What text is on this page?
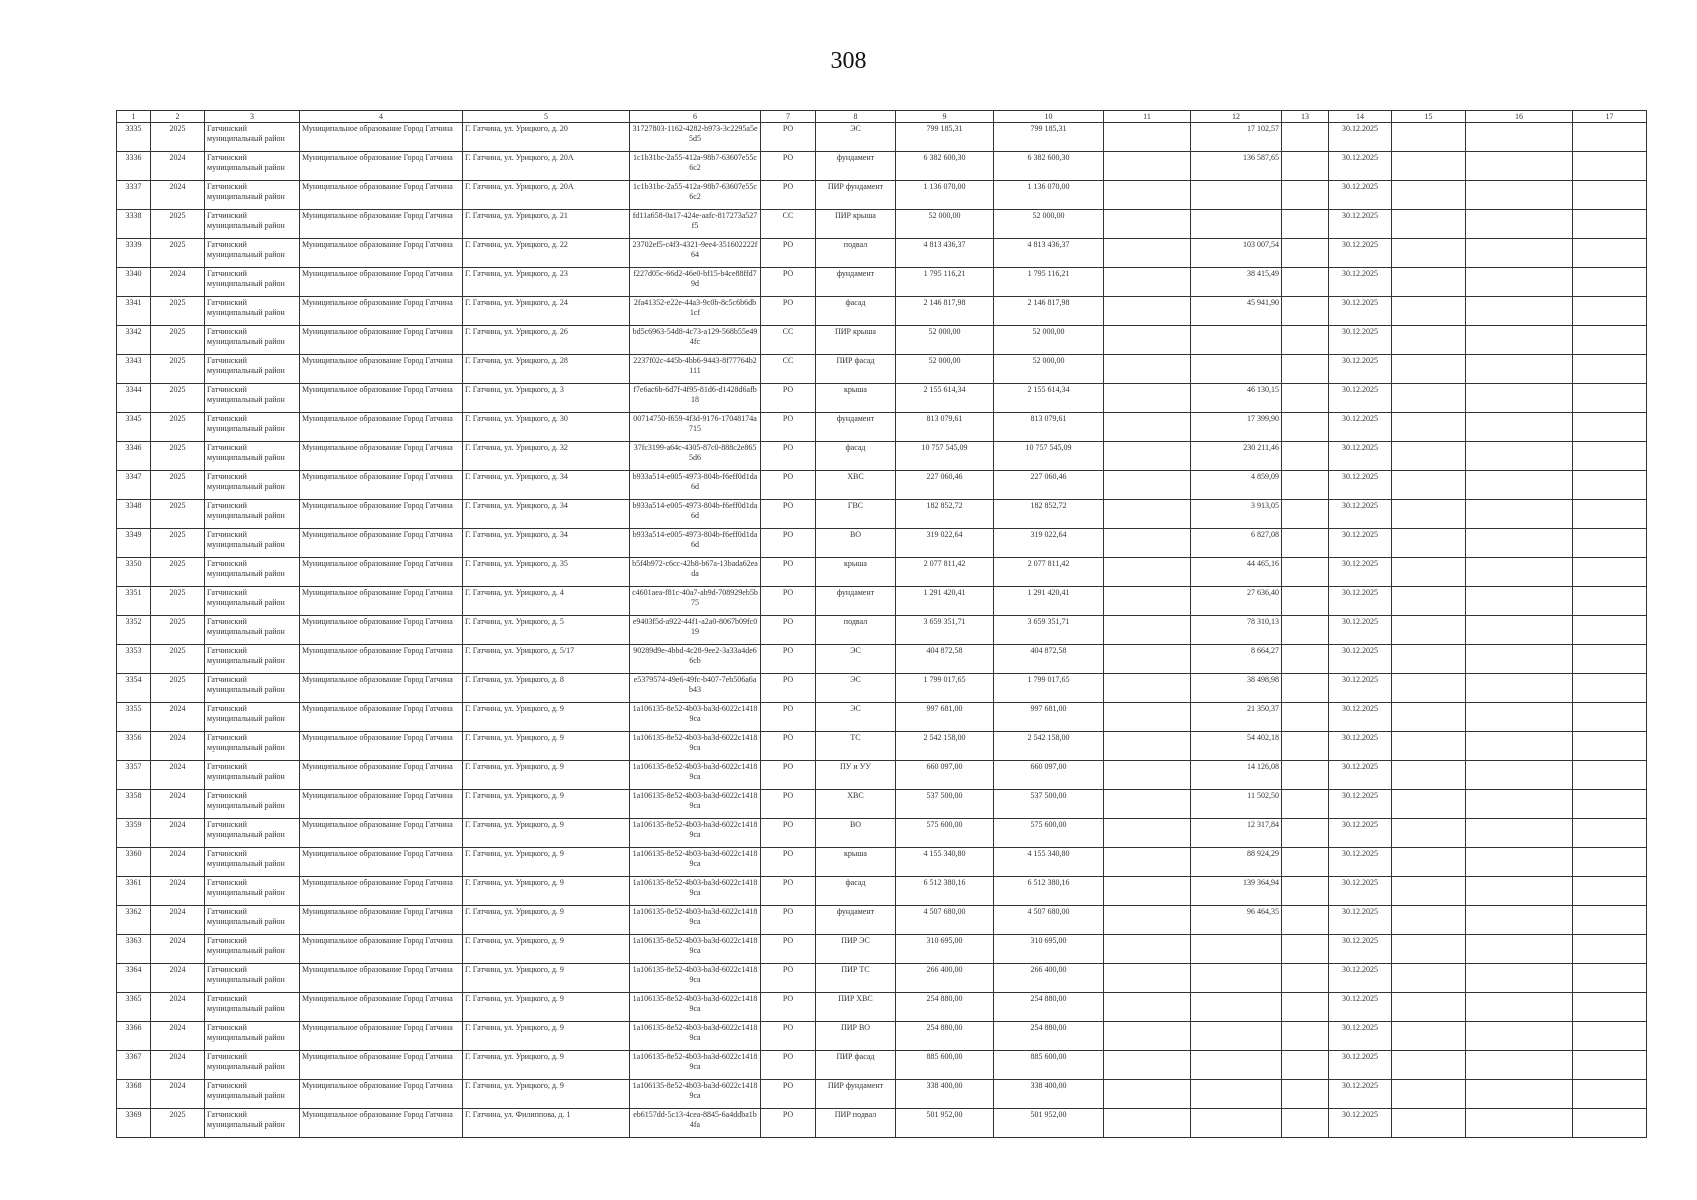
308
1	2	3	4	5	6	7	8	9	10	11	12	13	14	15	16	17
3335	2025	Гатчинский муниципальный район	Муниципальное образование Город Гатчина	Г. Гатчина, ул. Урицкого, д. 20	31727803-1162-4282-b973-3c2295a5e5d5	РО	ЭС	799 185,31	799 185,31		17 102,57		30.12.2025			
3336	2024	Гатчинский муниципальный район	Муниципальное образование Город Гатчина	Г. Гатчина, ул. Урицкого, д. 20А	1c1b31bc-2a55-412a-98b7-63607e55c6c2	РО	фундамент	6 382 600,30	6 382 600,30		136 587,65		30.12.2025			
3337	2024	Гатчинский муниципальный район	Муниципальное образование Город Гатчина	Г. Гатчина, ул. Урицкого, д. 20А	1c1b31bc-2a55-412a-98b7-63607e55c6c2	РО	ПИР фундамент	1 136 070,00	1 136 070,00				30.12.2025			
3338	2025	Гатчинский муниципальный район	Муниципальное образование Город Гатчина	Г. Гатчина, ул. Урицкого, д. 21	fd11a658-0a17-424e-aafc-817273a527f5	СС	ПИР крыша	52 000,00	52 000,00				30.12.2025			
3339	2025	Гатчинский муниципальный район	Муниципальное образование Город Гатчина	Г. Гатчина, ул. Урицкого, д. 22	23702ef5-c4f3-4321-9ee4-351602222f64	РО	подвал	4 813 436,37	4 813 436,37		103 007,54		30.12.2025			
3340	2024	Гатчинский муниципальный район	Муниципальное образование Город Гатчина	Г. Гатчина, ул. Урицкого, д. 23	f227d05c-66d2-46e0-bf15-b4ce88ffd79d	РО	фундамент	1 795 116,21	1 795 116,21		38 415,49		30.12.2025			
3341	2025	Гатчинский муниципальный район	Муниципальное образование Город Гатчина	Г. Гатчина, ул. Урицкого, д. 24	2fa41352-e22e-44a3-9c0b-8c5c6b6db1cf	РО	фасад	2 146 817,98	2 146 817,98		45 941,90		30.12.2025			
3342	2025	Гатчинский муниципальный район	Муниципальное образование Город Гатчина	Г. Гатчина, ул. Урицкого, д. 26	bd5c6963-54d8-4c73-a129-568b55e494fc	СС	ПИР крыша	52 000,00	52 000,00				30.12.2025			
3343	2025	Гатчинский муниципальный район	Муниципальное образование Город Гатчина	Г. Гатчина, ул. Урицкого, д. 28	2237f02c-445b-4bb6-9443-8f77764b2111	СС	ПИР фасад	52 000,00	52 000,00				30.12.2025			
3344	2025	Гатчинский муниципальный район	Муниципальное образование Город Гатчина	Г. Гатчина, ул. Урицкого, д. 3	f7e6ac6b-6d7f-4f95-81d6-d1428d6afb18	РО	крыша	2 155 614,34	2 155 614,34		46 130,15		30.12.2025			
3345	2025	Гатчинский муниципальный район	Муниципальное образование Город Гатчина	Г. Гатчина, ул. Урицкого, д. 30	00714750-f659-4f3d-9176-17048174a715	РО	фундамент	813 079,61	813 079,61		17 399,90		30.12.2025			
3346	2025	Гатчинский муниципальный район	Муниципальное образование Город Гатчина	Г. Гатчина, ул. Урицкого, д. 32	37fc3199-a64c-4305-87c0-888c2e8655d6	РО	фасад	10 757 545,09	10 757 545,09		230 211,46		30.12.2025			
3347	2025	Гатчинский муниципальный район	Муниципальное образование Город Гатчина	Г. Гатчина, ул. Урицкого, д. 34	b933a514-e005-4973-804b-f6eff0d1da6d	РО	ХВС	227 060,46	227 060,46		4 859,09		30.12.2025			
3348	2025	Гатчинский муниципальный район	Муниципальное образование Город Гатчина	Г. Гатчина, ул. Урицкого, д. 34	b933a514-e005-4973-804b-f6eff0d1da6d	РО	ГВС	182 852,72	182 852,72		3 913,05		30.12.2025			
3349	2025	Гатчинский муниципальный район	Муниципальное образование Город Гатчина	Г. Гатчина, ул. Урицкого, д. 34	b933a514-e005-4973-804b-f6eff0d1da6d	РО	ВО	319 022,64	319 022,64		6 827,08		30.12.2025			
3350	2025	Гатчинский муниципальный район	Муниципальное образование Город Гатчина	Г. Гатчина, ул. Урицкого, д. 35	b5f4b972-c6cc-42b8-b67a-13bada62eada	РО	крыша	2 077 811,42	2 077 811,42		44 465,16		30.12.2025			
3351	2025	Гатчинский муниципальный район	Муниципальное образование Город Гатчина	Г. Гатчина, ул. Урицкого, д. 4	c4601aea-f81c-40a7-ab9d-708929eb5b75	РО	фундамент	1 291 420,41	1 291 420,41		27 636,40		30.12.2025			
3352	2025	Гатчинский муниципальный район	Муниципальное образование Город Гатчина	Г. Гатчина, ул. Урицкого, д. 5	e9403f5d-a922-44f1-a2a0-8067b09fc019	РО	подвал	3 659 351,71	3 659 351,71		78 310,13		30.12.2025			
3353	2025	Гатчинский муниципальный район	Муниципальное образование Город Гатчина	Г. Гатчина, ул. Урицкого, д. 5/17	90289d9e-4bbd-4c28-9ee2-3a33a4de66cb	РО	ЭС	404 872,58	404 872,58		8 664,27		30.12.2025			
3354	2025	Гатчинский муниципальный район	Муниципальное образование Город Гатчина	Г. Гатчина, ул. Урицкого, д. 8	e5379574-49e6-49fc-b407-7eb506a6ab43	РО	ЭС	1 799 017,65	1 799 017,65		38 498,98		30.12.2025			
3355	2024	Гатчинский муниципальный район	Муниципальное образование Город Гатчина	Г. Гатчина, ул. Урицкого, д. 9	1a106135-8e52-4b03-ba3d-6022c14189ca	РО	ЭС	997 681,00	997 681,00		21 350,37		30.12.2025			
3356	2024	Гатчинский муниципальный район	Муниципальное образование Город Гатчина	Г. Гатчина, ул. Урицкого, д. 9	1a106135-8e52-4b03-ba3d-6022c14189ca	РО	ТС	2 542 158,00	2 542 158,00		54 402,18		30.12.2025			
3357	2024	Гатчинский муниципальный район	Муниципальное образование Город Гатчина	Г. Гатчина, ул. Урицкого, д. 9	1a106135-8e52-4b03-ba3d-6022c14189ca	РО	ПУ и УУ	660 097,00	660 097,00		14 126,08		30.12.2025			
3358	2024	Гатчинский муниципальный район	Муниципальное образование Город Гатчина	Г. Гатчина, ул. Урицкого, д. 9	1a106135-8e52-4b03-ba3d-6022c14189ca	РО	ХВС	537 500,00	537 500,00		11 502,50		30.12.2025			
3359	2024	Гатчинский муниципальный район	Муниципальное образование Город Гатчина	Г. Гатчина, ул. Урицкого, д. 9	1a106135-8e52-4b03-ba3d-6022c14189ca	РО	ВО	575 600,00	575 600,00		12 317,84		30.12.2025			
3360	2024	Гатчинский муниципальный район	Муниципальное образование Город Гатчина	Г. Гатчина, ул. Урицкого, д. 9	1a106135-8e52-4b03-ba3d-6022c14189ca	РО	крыша	4 155 340,80	4 155 340,80		88 924,29		30.12.2025			
3361	2024	Гатчинский муниципальный район	Муниципальное образование Город Гатчина	Г. Гатчина, ул. Урицкого, д. 9	1a106135-8e52-4b03-ba3d-6022c14189ca	РО	фасад	6 512 380,16	6 512 380,16		139 364,94		30.12.2025			
3362	2024	Гатчинский муниципальный район	Муниципальное образование Город Гатчина	Г. Гатчина, ул. Урицкого, д. 9	1a106135-8e52-4b03-ba3d-6022c14189ca	РО	фундамент	4 507 680,00	4 507 680,00		96 464,35		30.12.2025			
3363	2024	Гатчинский муниципальный район	Муниципальное образование Город Гатчина	Г. Гатчина, ул. Урицкого, д. 9	1a106135-8e52-4b03-ba3d-6022c14189ca	РО	ПИР ЭС	310 695,00	310 695,00				30.12.2025			
3364	2024	Гатчинский муниципальный район	Муниципальное образование Город Гатчина	Г. Гатчина, ул. Урицкого, д. 9	1a106135-8e52-4b03-ba3d-6022c14189ca	РО	ПИР ТС	266 400,00	266 400,00				30.12.2025			
3365	2024	Гатчинский муниципальный район	Муниципальное образование Город Гатчина	Г. Гатчина, ул. Урицкого, д. 9	1a106135-8e52-4b03-ba3d-6022c14189ca	РО	ПИР ХВС	254 880,00	254 880,00				30.12.2025			
3366	2024	Гатчинский муниципальный район	Муниципальное образование Город Гатчина	Г. Гатчина, ул. Урицкого, д. 9	1a106135-8e52-4b03-ba3d-6022c14189ca	РО	ПИР ВО	254 880,00	254 880,00				30.12.2025			
3367	2024	Гатчинский муниципальный район	Муниципальное образование Город Гатчина	Г. Гатчина, ул. Урицкого, д. 9	1a106135-8e52-4b03-ba3d-6022c14189ca	РО	ПИР фасад	885 600,00	885 600,00				30.12.2025			
3368	2024	Гатчинский муниципальный район	Муниципальное образование Город Гатчина	Г. Гатчина, ул. Урицкого, д. 9	1a106135-8e52-4b03-ba3d-6022c14189ca	РО	ПИР фундамент	338 400,00	338 400,00				30.12.2025			
3369	2025	Гатчинский муниципальный район	Муниципальное образование Город Гатчина	Г. Гатчина, ул. Филиппова, д. 1	eb6157dd-5c13-4cea-8845-6a4ddba1b4fa	РО	ПИР подвал	501 952,00	501 952,00				30.12.2025			
